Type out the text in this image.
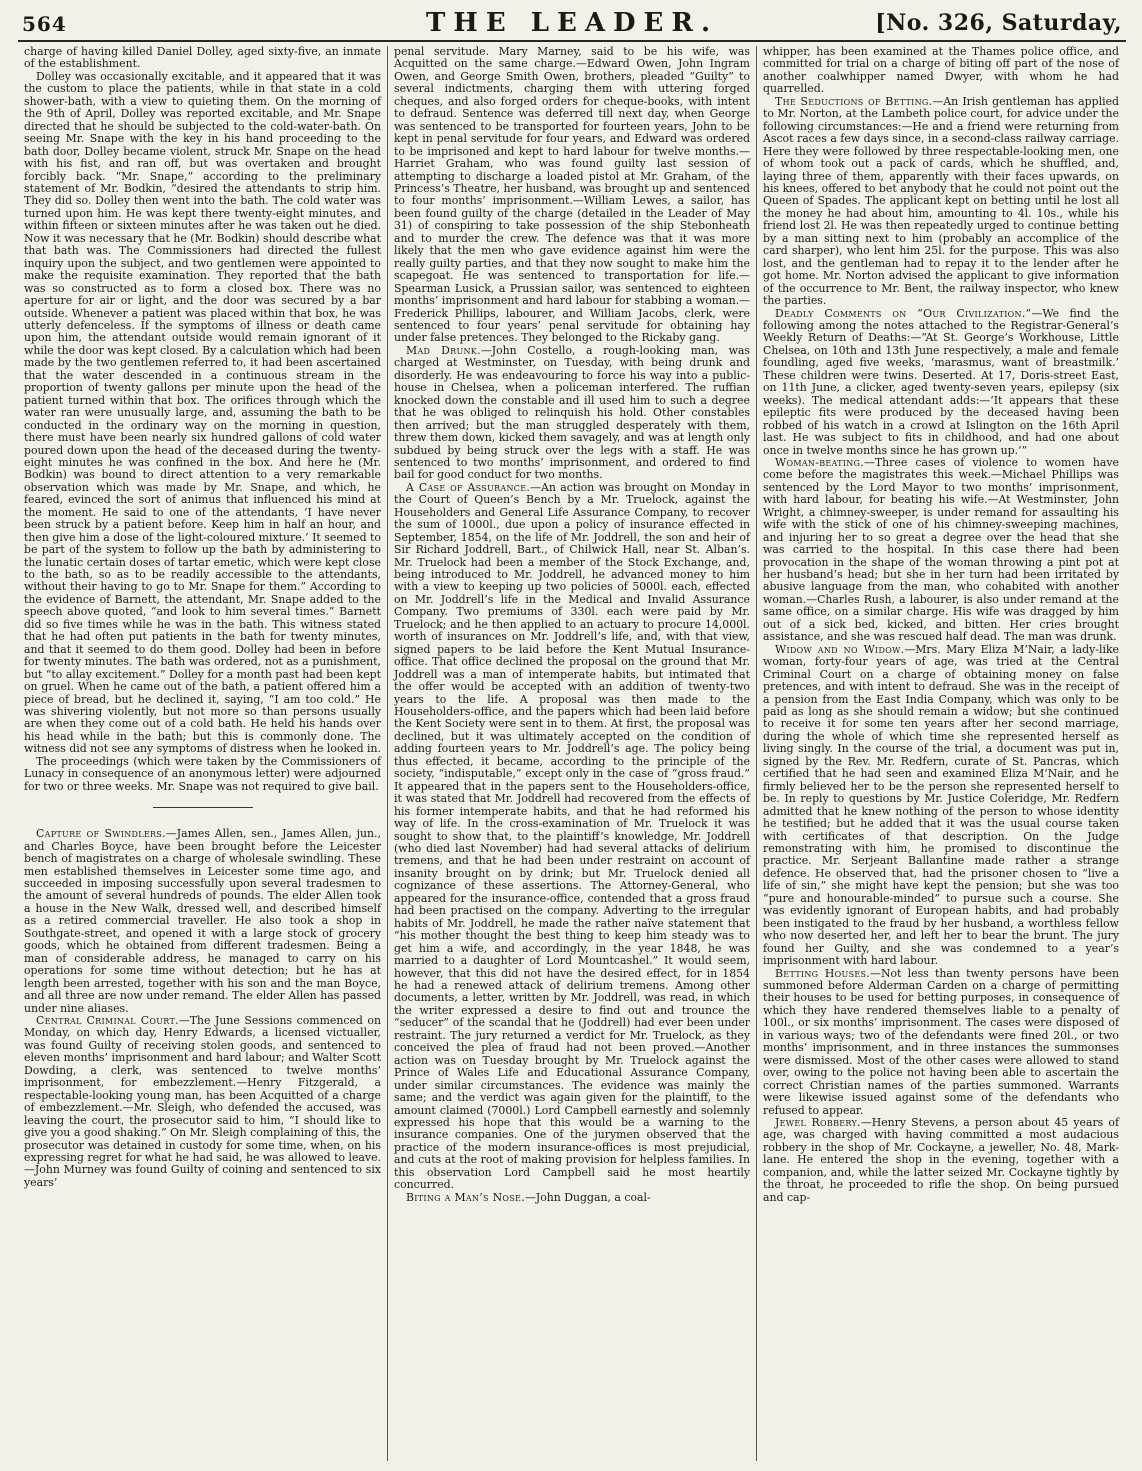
564	THE LEADER.	[No. 326, Saturday,

charge of having killed Daniel Dolley, aged sixty-five, an inmate of the establishment.

Dolley was occasionally excitable, and it appeared that it was the custom to place the patients, while in that state in a cold shower-bath, with a view to quieting them. On the morning of the 9th of April, Dolley was reported excitable, and Mr. Snape directed that he should be subjected to the cold-water-bath. On seeing Mr. Snape with the key in his hand proceeding to the bath door, Dolley became violent, struck Mr. Snape on the head with his fist, and ran off, but was overtaken and brought forcibly back. “Mr. Snape,” according to the preliminary statement of Mr. Bodkin, “desired the attendants to strip him. They did so. Dolley then went into the bath. The cold water was turned upon him. He was kept there twenty-eight minutes, and within fifteen or sixteen minutes after he was taken out he died. Now it was necessary that he (Mr. Bodkin) should describe what that bath was. The Commissioners had directed the fullest inquiry upon the subject, and two gentlemen were appointed to make the requisite examination. They reported that the bath was so constructed as to form a closed box. There was no aperture for air or light, and the door was secured by a bar outside. Whenever a patient was placed within that box, he was utterly defenceless. If the symptoms of illness or death came upon him, the attendant outside would remain ignorant of it while the door was kept closed. By a calculation which had been made by the two gentlemen referred to, it had been ascertained that the water descended in a continuous stream in the proportion of twenty gallons per minute upon the head of the patient turned within that box. The orifices through which the water ran were unusually large, and, assuming the bath to be conducted in the ordinary way on the morning in question, there must have been nearly six hundred gallons of cold water poured down upon the head of the deceased during the twenty-eight minutes he was confined in the box. And here he (Mr. Bodkin) was bound to direct attention to a very remarkable observation which was made by Mr. Snape, and which, he feared, evinced the sort of animus that influenced his mind at the moment. He said to one of the attendants, ‘I have never been struck by a patient before. Keep him in half an hour, and then give him a dose of the light-coloured mixture.’ It seemed to be part of the system to follow up the bath by administering to the lunatic certain doses of tartar emetic, which were kept close to the bath, so as to be readily accessible to the attendants, without their having to go to Mr. Snape for them.” According to the evidence of Barnett, the attendant, Mr. Snape added to the speech above quoted, “and look to him several times.” Barnett did so five times while he was in the bath. This witness stated that he had often put patients in the bath for twenty minutes, and that it seemed to do them good. Dolley had been in before for twenty minutes. The bath was ordered, not as a punishment, but “to allay excitement.” Dolley for a month past had been kept on gruel. When he came out of the bath, a patient offered him a piece of bread, but he declined it, saying, “I am too cold.” He was shivering violently, but not more so than persons usually are when they come out of a cold bath. He held his hands over his head while in the bath; but this is commonly done. The witness did not see any symptoms of distress when he looked in.

The proceedings (which were taken by the Commissioners of Lunacy in consequence of an anonymous letter) were adjourned for two or three weeks. Mr. Snape was not required to give bail.

Capture of Swindlers.—James Allen, sen., James Allen, jun., and Charles Boyce, have been brought before the Leicester bench of magistrates on a charge of wholesale swindling. These men established themselves in Leicester some time ago, and succeeded in imposing successfully upon several tradesmen to the amount of several hundreds of pounds. The elder Allen took a house in the New Walk, dressed well, and described himself as a retired commercial traveller. He also took a shop in Southgate-street, and opened it with a large stock of grocery goods, which he obtained from different tradesmen. Being a man of considerable address, he managed to carry on his operations for some time without detection; but he has at length been arrested, together with his son and the man Boyce, and all three are now under remand. The elder Allen has passed under nine aliases.

Central Criminal Court.—The June Sessions commenced on Monday, on which day, Henry Edwards, a licensed victualler, was found Guilty of receiving stolen goods, and sentenced to eleven months’ imprisonment and hard labour; and Walter Scott Dowding, a clerk, was sentenced to twelve months’ imprisonment, for embezzlement.—Henry Fitzgerald, a respectable-looking young man, has been Acquitted of a charge of embezzlement.—Mr. Sleigh, who defended the accused, was leaving the court, the prosecutor said to him, “I should like to give you a good shaking.” On Mr. Sleigh complaining of this, the prosecutor was detained in custody for some time, when, on his expressing regret for what he had said, he was allowed to leave.—John Murney was found Guilty of coining and sentenced to six years’

penal servitude. Mary Marney, said to be his wife, was Acquitted on the same charge.—Edward Owen, John Ingram Owen, and George Smith Owen, brothers, pleaded “Guilty” to several indictments, charging them with uttering forged cheques, and also forged orders for cheque-books, with intent to defraud. Sentence was deferred till next day, when George was sentenced to be transported for fourteen years, John to be kept in penal servitude for four years, and Edward was ordered to be imprisoned and kept to hard labour for twelve months.—Harriet Graham, who was found guilty last session of attempting to discharge a loaded pistol at Mr. Graham, of the Princess’s Theatre, her husband, was brought up and sentenced to four months’ imprisonment.—William Lewes, a sailor, has been found guilty of the charge (detailed in the Leader of May 31) of conspiring to take possession of the ship Stebonheath and to murder the crew. The defence was that it was more likely that the men who gave evidence against him were the really guilty parties, and that they now sought to make him the scapegoat. He was sentenced to transportation for life.—Spearman Lusick, a Prussian sailor, was sentenced to eighteen months’ imprisonment and hard labour for stabbing a woman.—Frederick Phillips, labourer, and William Jacobs, clerk, were sentenced to four years’ penal servitude for obtaining hay under false pretences. They belonged to the Rickaby gang.

Mad Drunk.—John Costello, a rough-looking man, was charged at Westminster, on Tuesday, with being drunk and disorderly. He was endeavouring to force his way into a public-house in Chelsea, when a policeman interfered. The ruffian knocked down the constable and ill used him to such a degree that he was obliged to relinquish his hold. Other constables then arrived; but the man struggled desperately with them, threw them down, kicked them savagely, and was at length only subdued by being struck over the legs with a staff. He was sentenced to two months’ imprisonment, and ordered to find bail for good conduct for two months.

A Case of Assurance.—An action was brought on Monday in the Court of Queen’s Bench by a Mr. Truelock, against the Householders and General Life Assurance Company, to recover the sum of 1000l., due upon a policy of insurance effected in September, 1854, on the life of Mr. Joddrell, the son and heir of Sir Richard Joddrell, Bart., of Chilwick Hall, near St. Alban’s. Mr. Truelock had been a member of the Stock Exchange, and, being introduced to Mr. Joddrell, he advanced money to him with a view to keeping up two policies of 5000l. each, effected on Mr. Joddrell’s life in the Medical and Invalid Assurance Company. Two premiums of 330l. each were paid by Mr. Truelock; and he then applied to an actuary to procure 14,000l. worth of insurances on Mr. Joddrell’s life, and, with that view, signed papers to be laid before the Kent Mutual Insurance-office. That office declined the proposal on the ground that Mr. Joddrell was a man of intemperate habits, but intimated that the offer would be accepted with an addition of twenty-two years to the life. A proposal was then made to the Householders-office, and the papers which had been laid before the Kent Society were sent in to them. At first, the proposal was declined, but it was ultimately accepted on the condition of adding fourteen years to Mr. Joddrell’s age. The policy being thus effected, it became, according to the principle of the society, “indisputable,” except only in the case of “gross fraud.” It appeared that in the papers sent to the Householders-office, it was stated that Mr. Joddrell had recovered from the effects of his former intemperate habits, and that he had reformed his way of life. In the cross-examination of Mr. Truelock it was sought to show that, to the plaintiff’s knowledge, Mr. Joddrell (who died last November) had had several attacks of delirium tremens, and that he had been under restraint on account of insanity brought on by drink; but Mr. Truelock denied all cognizance of these assertions. The Attorney-General, who appeared for the insurance-office, contended that a gross fraud had been practised on the company. Adverting to the irregular habits of Mr. Joddrell, he made the rather naïve statement that “his mother thought the best thing to keep him steady was to get him a wife, and accordingly, in the year 1848, he was married to a daughter of Lord Mountcashel.” It would seem, however, that this did not have the desired effect, for in 1854 he had a renewed attack of delirium tremens. Among other documents, a letter, written by Mr. Joddrell, was read, in which the writer expressed a desire to find out and trounce the “seducer” of the scandal that he (Joddrell) had ever been under restraint. The jury returned a verdict for Mr. Truelock, as they conceived the plea of fraud had not been proved.—Another action was on Tuesday brought by Mr. Truelock against the Prince of Wales Life and Educational Assurance Company, under similar circumstances. The evidence was mainly the same; and the verdict was again given for the plaintiff, to the amount claimed (7000l.) Lord Campbell earnestly and solemnly expressed his hope that this would be a warning to the insurance companies. One of the jurymen observed that the practice of the modern insurance-offices is most prejudicial, and cuts at the root of making provision for helpless families. In this observation Lord Campbell said he most heartily concurred.

Biting a Man’s Nose.—John Duggan, a coal-

whipper, has been examined at the Thames police office, and committed for trial on a charge of biting off part of the nose of another coalwhipper named Dwyer, with whom he had quarrelled.

The Seductions of Betting.—An Irish gentleman has applied to Mr. Norton, at the Lambeth police court, for advice under the following circumstances:—He and a friend were returning from Ascot races a few days since, in a second-class railway carriage. Here they were followed by three respectable-looking men, one of whom took out a pack of cards, which he shuffled, and, laying three of them, apparently with their faces upwards, on his knees, offered to bet anybody that he could not point out the Queen of Spades. The applicant kept on betting until he lost all the money he had about him, amounting to 4l. 10s., while his friend lost 2l. He was then repeatedly urged to continue betting by a man sitting next to him (probably an accomplice of the card sharper), who lent him 25l. for the purpose. This was also lost, and the gentleman had to repay it to the lender after he got home. Mr. Norton advised the applicant to give information of the occurrence to Mr. Bent, the railway inspector, who knew the parties.

Deadly Comments on “Our Civilization.”—We find the following among the notes attached to the Registrar-General’s Weekly Return of Deaths:—“At St. George’s Workhouse, Little Chelsea, on 10th and 13th June respectively, a male and female foundling, aged five weeks, ‘marasmus, want of breastmilk.’ These children were twins. Deserted. At 17, Doris-street East, on 11th June, a clicker, aged twenty-seven years, epilepsy (six weeks). The medical attendant adds:—‘It appears that these epileptic fits were produced by the deceased having been robbed of his watch in a crowd at Islington on the 16th April last. He was subject to fits in childhood, and had one about once in twelve months since he has grown up.’”

Woman-beating.—Three cases of violence to women have come before the magistrates this week.—Michael Phillips was sentenced by the Lord Mayor to two months’ imprisonment, with hard labour, for beating his wife.—At Westminster, John Wright, a chimney-sweeper, is under remand for assaulting his wife with the stick of one of his chimney-sweeping machines, and injuring her to so great a degree over the head that she was carried to the hospital. In this case there had been provocation in the shape of the woman throwing a pint pot at her husband’s head; but she in her turn had been irritated by abusive language from the man, who cohabited with another woman.—Charles Rush, a labourer, is also under remand at the same office, on a similar charge. His wife was dragged by him out of a sick bed, kicked, and bitten. Her cries brought assistance, and she was rescued half dead. The man was drunk.

Widow and no Widow.—Mrs. Mary Eliza M‘Nair, a lady-like woman, forty-four years of age, was tried at the Central Criminal Court on a charge of obtaining money on false pretences, and with intent to defraud. She was in the receipt of a pension from the East India Company, which was only to be paid as long as she should remain a widow; but she continued to receive it for some ten years after her second marriage, during the whole of which time she represented herself as living singly. In the course of the trial, a document was put in, signed by the Rev. Mr. Redfern, curate of St. Pancras, which certified that he had seen and examined Eliza M‘Nair, and he firmly believed her to be the person she represented herself to be. In reply to questions by Mr. Justice Coleridge, Mr. Redfern admitted that he knew nothing of the person to whose identity he testified; but he added that it was the usual course taken with certificates of that description. On the Judge remonstrating with him, he promised to discontinue the practice. Mr. Serjeant Ballantine made rather a strange defence. He observed that, had the prisoner chosen to “live a life of sin,” she might have kept the pension; but she was too “pure and honourable-minded” to pursue such a course. She was evidently ignorant of European habits, and had probably been instigated to the fraud by her husband, a worthless fellow who now deserted her, and left her to bear the brunt. The jury found her Guilty, and she was condemned to a year’s imprisonment with hard labour.

Betting Houses.—Not less than twenty persons have been summoned before Alderman Carden on a charge of permitting their houses to be used for betting purposes, in consequence of which they have rendered themselves liable to a penalty of 100l., or six months’ imprisonment. The cases were disposed of in various ways; two of the defendants were fined 20l., or two months’ imprisonment, and in three instances the summonses were dismissed. Most of the other cases were allowed to stand over, owing to the police not having been able to ascertain the correct Christian names of the parties summoned. Warrants were likewise issued against some of the defendants who refused to appear.

Jewel Robbery.—Henry Stevens, a person about 45 years of age, was charged with having committed a most audacious robbery in the shop of Mr. Cockayne, a jeweller, No. 48, Mark-lane. He entered the shop in the evening, together with a companion, and, while the latter seized Mr. Cockayne tightly by the throat, he proceeded to rifle the shop. On being pursued and cap-
